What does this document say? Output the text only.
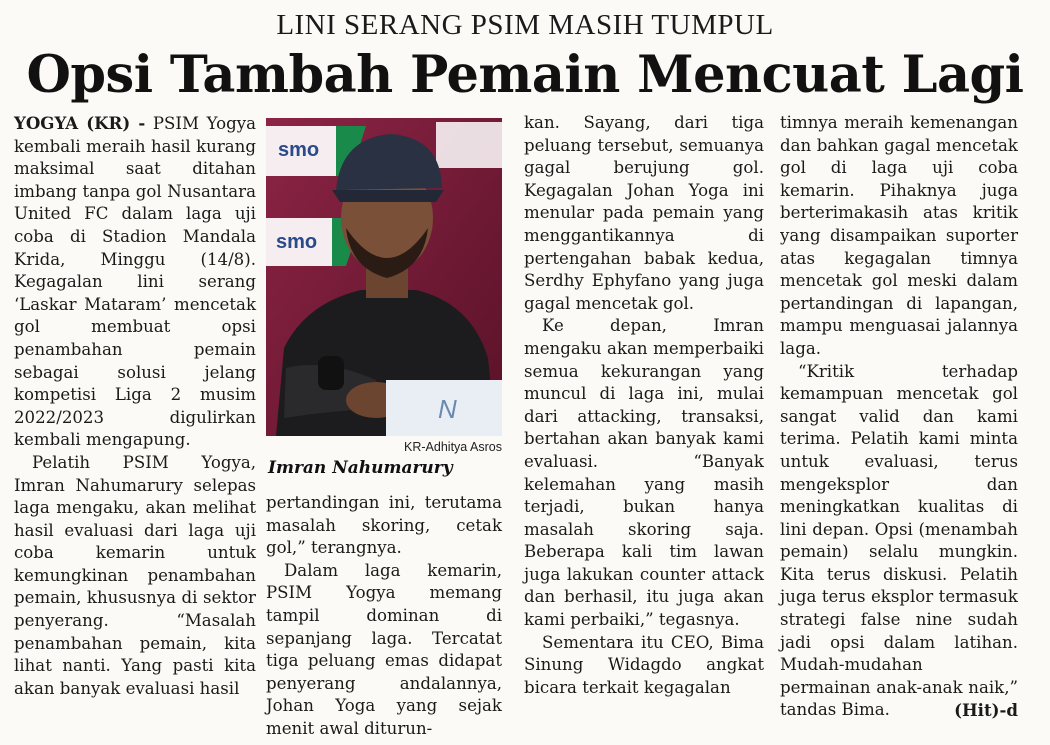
LINI SERANG PSIM MASIH TUMPUL
Opsi Tambah Pemain Mencuat Lagi

YOGYA (KR) - PSIM Yogya kembali meraih hasil kurang maksimal saat ditahan imbang tanpa gol Nusantara United FC dalam laga uji coba di Stadion Mandala Krida, Minggu (14/8). Kegagalan lini serang ‘Laskar Mataram’ mencetak gol membuat opsi penambahan pemain sebagai solusi jelang kompetisi Liga 2 musim 2022/2023 digulirkan kembali mengapung.

Pelatih PSIM Yogya, Imran Nahumarury selepas laga mengaku, akan melihat hasil evaluasi dari laga uji coba kemarin untuk kemungkinan penambahan pemain, khususnya di sektor penyerang. “Masalah penambahan pemain, kita lihat nanti. Yang pasti kita akan banyak evaluasi hasil

smo
smo
N
KR-Adhitya Asros
Imran Nahumarury

pertandingan ini, terutama masalah skoring, cetak gol,” terangnya.

Dalam laga kemarin, PSIM Yogya memang tampil dominan di sepanjang laga. Tercatat tiga peluang emas didapat penyerang andalannya, Johan Yoga yang sejak menit awal diturun-

kan. Sayang, dari tiga peluang tersebut, semuanya gagal berujung gol. Kegagalan Johan Yoga ini menular pada pemain yang menggantikannya di pertengahan babak kedua, Serdhy Ephyfano yang juga gagal mencetak gol.

Ke depan, Imran mengaku akan memperbaiki semua kekurangan yang muncul di laga ini, mulai dari attacking, transaksi, bertahan akan banyak kami evaluasi. “Banyak kelemahan yang masih terjadi, bukan hanya masalah skoring saja. Beberapa kali tim lawan juga lakukan counter attack dan berhasil, itu juga akan kami perbaiki,” tegasnya.

Sementara itu CEO, Bima Sinung Widagdo angkat bicara terkait kegagalan

timnya meraih kemenangan dan bahkan gagal mencetak gol di laga uji coba kemarin. Pihaknya juga berterimakasih atas kritik yang disampaikan suporter atas kegagalan timnya mencetak gol meski dalam pertandingan di lapangan, mampu menguasai jalannya laga.

“Kritik terhadap kemampuan mencetak gol sangat valid dan kami terima. Pelatih kami minta untuk evaluasi, terus mengeksplor dan meningkatkan kualitas di lini depan. Opsi (menambah pemain) selalu mungkin. Kita terus diskusi. Pelatih juga terus eksplor termasuk strategi false nine sudah jadi opsi dalam latihan. Mudah-mudahan permainan anak-anak naik,” tandas Bima.	(Hit)-d
